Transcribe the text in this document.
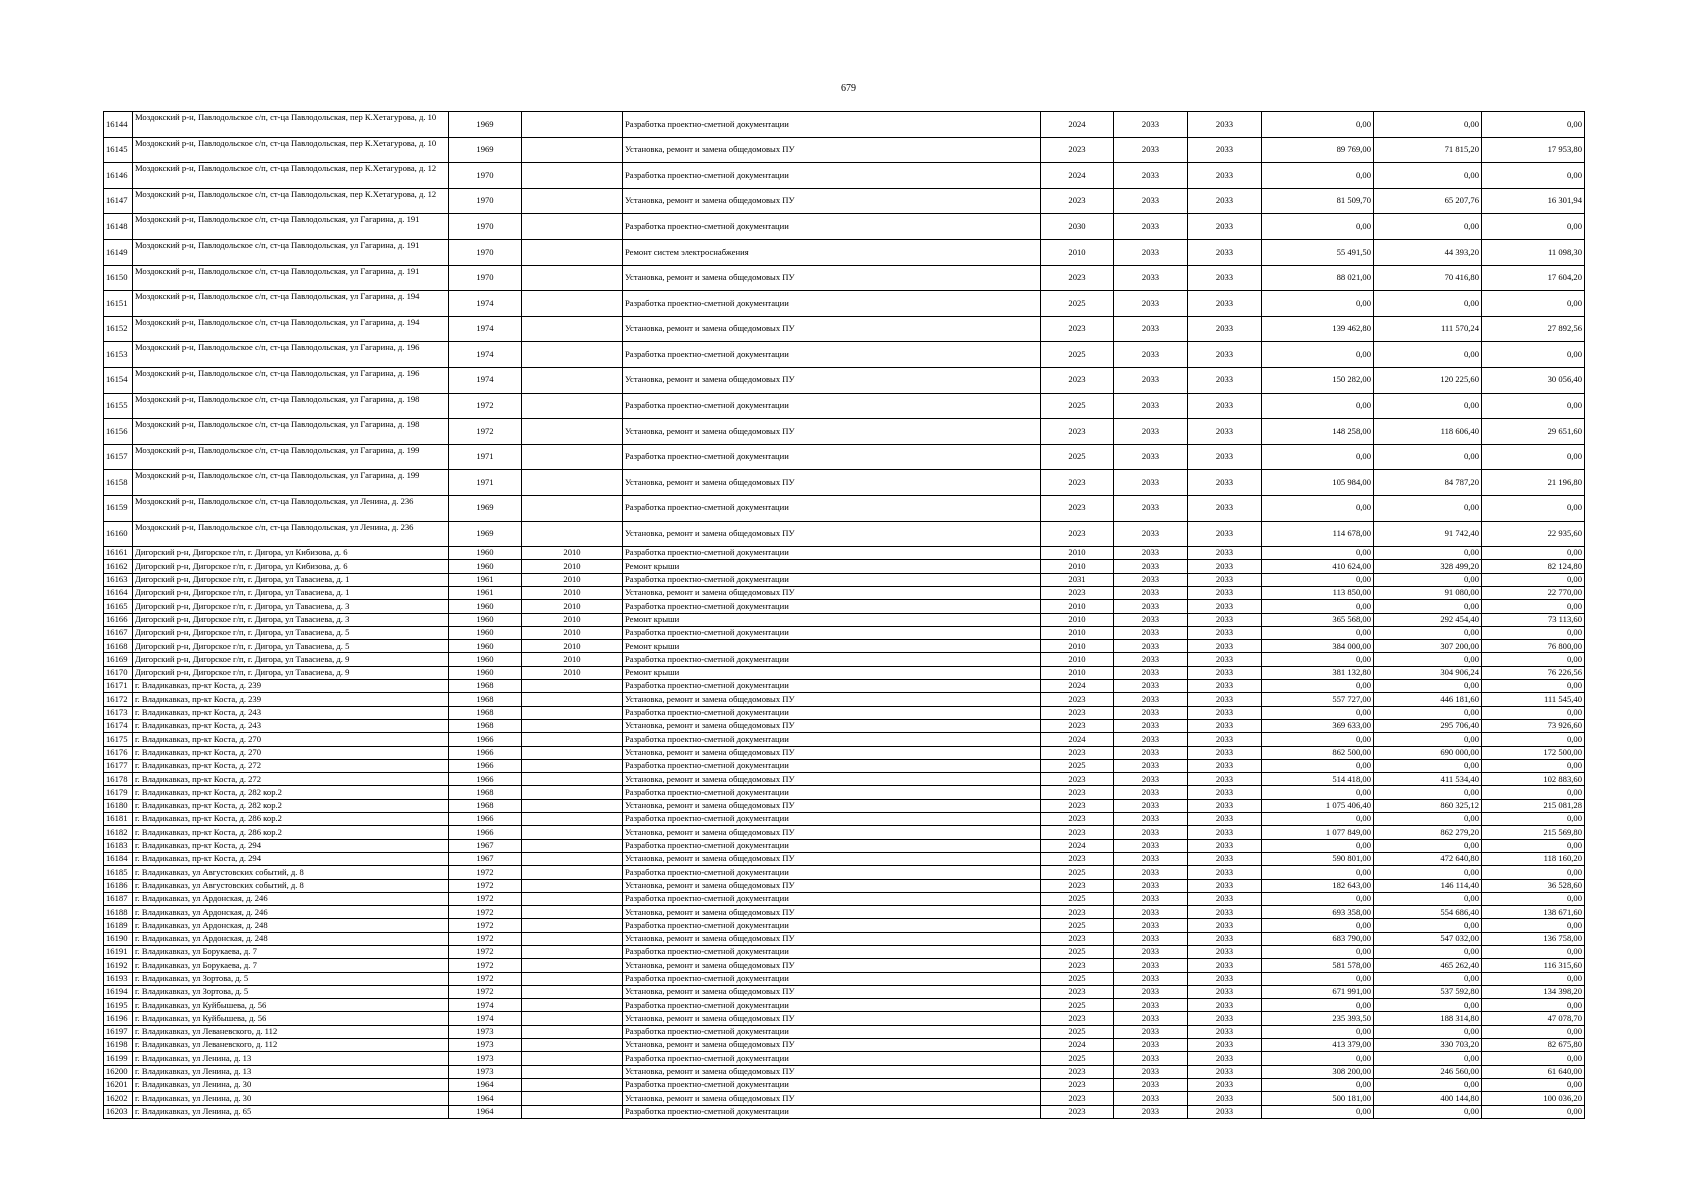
679
16144	Моздокский р-н, Павлодольское с/п, ст-ца Павлодольская, пер К.Хетагурова, д. 10	1969		Разработка проектно-сметной документации	2024	2033	2033	0,00	0,00	0,00
16145	Моздокский р-н, Павлодольское с/п, ст-ца Павлодольская, пер К.Хетагурова, д. 10	1969		Установка, ремонт и замена общедомовых ПУ	2023	2033	2033	89 769,00	71 815,20	17 953,80
16146	Моздокский р-н, Павлодольское с/п, ст-ца Павлодольская, пер К.Хетагурова, д. 12	1970		Разработка проектно-сметной документации	2024	2033	2033	0,00	0,00	0,00
16147	Моздокский р-н, Павлодольское с/п, ст-ца Павлодольская, пер К.Хетагурова, д. 12	1970		Установка, ремонт и замена общедомовых ПУ	2023	2033	2033	81 509,70	65 207,76	16 301,94
16148	Моздокский р-н, Павлодольское с/п, ст-ца Павлодольская, ул Гагарина, д. 191	1970		Разработка проектно-сметной документации	2030	2033	2033	0,00	0,00	0,00
16149	Моздокский р-н, Павлодольское с/п, ст-ца Павлодольская, ул Гагарина, д. 191	1970		Ремонт систем электроснабжения	2010	2033	2033	55 491,50	44 393,20	11 098,30
16150	Моздокский р-н, Павлодольское с/п, ст-ца Павлодольская, ул Гагарина, д. 191	1970		Установка, ремонт и замена общедомовых ПУ	2023	2033	2033	88 021,00	70 416,80	17 604,20
16151	Моздокский р-н, Павлодольское с/п, ст-ца Павлодольская, ул Гагарина, д. 194	1974		Разработка проектно-сметной документации	2025	2033	2033	0,00	0,00	0,00
16152	Моздокский р-н, Павлодольское с/п, ст-ца Павлодольская, ул Гагарина, д. 194	1974		Установка, ремонт и замена общедомовых ПУ	2023	2033	2033	139 462,80	111 570,24	27 892,56
16153	Моздокский р-н, Павлодольское с/п, ст-ца Павлодольская, ул Гагарина, д. 196	1974		Разработка проектно-сметной документации	2025	2033	2033	0,00	0,00	0,00
16154	Моздокский р-н, Павлодольское с/п, ст-ца Павлодольская, ул Гагарина, д. 196	1974		Установка, ремонт и замена общедомовых ПУ	2023	2033	2033	150 282,00	120 225,60	30 056,40
16155	Моздокский р-н, Павлодольское с/п, ст-ца Павлодольская, ул Гагарина, д. 198	1972		Разработка проектно-сметной документации	2025	2033	2033	0,00	0,00	0,00
16156	Моздокский р-н, Павлодольское с/п, ст-ца Павлодольская, ул Гагарина, д. 198	1972		Установка, ремонт и замена общедомовых ПУ	2023	2033	2033	148 258,00	118 606,40	29 651,60
16157	Моздокский р-н, Павлодольское с/п, ст-ца Павлодольская, ул Гагарина, д. 199	1971		Разработка проектно-сметной документации	2025	2033	2033	0,00	0,00	0,00
16158	Моздокский р-н, Павлодольское с/п, ст-ца Павлодольская, ул Гагарина, д. 199	1971		Установка, ремонт и замена общедомовых ПУ	2023	2033	2033	105 984,00	84 787,20	21 196,80
16159	Моздокский р-н, Павлодольское с/п, ст-ца Павлодольская, ул Ленина, д. 236	1969		Разработка проектно-сметной документации	2023	2033	2033	0,00	0,00	0,00
16160	Моздокский р-н, Павлодольское с/п, ст-ца Павлодольская, ул Ленина, д. 236	1969		Установка, ремонт и замена общедомовых ПУ	2023	2033	2033	114 678,00	91 742,40	22 935,60
16161	Дигорский р-н, Дигорское г/п, г. Дигора, ул Кибизова, д. 6	1960	2010	Разработка проектно-сметной документации	2010	2033	2033	0,00	0,00	0,00
16162	Дигорский р-н, Дигорское г/п, г. Дигора, ул Кибизова, д. 6	1960	2010	Ремонт крыши	2010	2033	2033	410 624,00	328 499,20	82 124,80
16163	Дигорский р-н, Дигорское г/п, г. Дигора, ул Тавасиева, д. 1	1961	2010	Разработка проектно-сметной документации	2031	2033	2033	0,00	0,00	0,00
16164	Дигорский р-н, Дигорское г/п, г. Дигора, ул Тавасиева, д. 1	1961	2010	Установка, ремонт и замена общедомовых ПУ	2023	2033	2033	113 850,00	91 080,00	22 770,00
16165	Дигорский р-н, Дигорское г/п, г. Дигора, ул Тавасиева, д. 3	1960	2010	Разработка проектно-сметной документации	2010	2033	2033	0,00	0,00	0,00
16166	Дигорский р-н, Дигорское г/п, г. Дигора, ул Тавасиева, д. 3	1960	2010	Ремонт крыши	2010	2033	2033	365 568,00	292 454,40	73 113,60
16167	Дигорский р-н, Дигорское г/п, г. Дигора, ул Тавасиева, д. 5	1960	2010	Разработка проектно-сметной документации	2010	2033	2033	0,00	0,00	0,00
16168	Дигорский р-н, Дигорское г/п, г. Дигора, ул Тавасиева, д. 5	1960	2010	Ремонт крыши	2010	2033	2033	384 000,00	307 200,00	76 800,00
16169	Дигорский р-н, Дигорское г/п, г. Дигора, ул Тавасиева, д. 9	1960	2010	Разработка проектно-сметной документации	2010	2033	2033	0,00	0,00	0,00
16170	Дигорский р-н, Дигорское г/п, г. Дигора, ул Тавасиева, д. 9	1960	2010	Ремонт крыши	2010	2033	2033	381 132,80	304 906,24	76 226,56
16171	г. Владикавказ, пр-кт Коста, д. 239	1968		Разработка проектно-сметной документации	2024	2033	2033	0,00	0,00	0,00
16172	г. Владикавказ, пр-кт Коста, д. 239	1968		Установка, ремонт и замена общедомовых ПУ	2023	2033	2033	557 727,00	446 181,60	111 545,40
16173	г. Владикавказ, пр-кт Коста, д. 243	1968		Разработка проектно-сметной документации	2023	2033	2033	0,00	0,00	0,00
16174	г. Владикавказ, пр-кт Коста, д. 243	1968		Установка, ремонт и замена общедомовых ПУ	2023	2033	2033	369 633,00	295 706,40	73 926,60
16175	г. Владикавказ, пр-кт Коста, д. 270	1966		Разработка проектно-сметной документации	2024	2033	2033	0,00	0,00	0,00
16176	г. Владикавказ, пр-кт Коста, д. 270	1966		Установка, ремонт и замена общедомовых ПУ	2023	2033	2033	862 500,00	690 000,00	172 500,00
16177	г. Владикавказ, пр-кт Коста, д. 272	1966		Разработка проектно-сметной документации	2025	2033	2033	0,00	0,00	0,00
16178	г. Владикавказ, пр-кт Коста, д. 272	1966		Установка, ремонт и замена общедомовых ПУ	2023	2033	2033	514 418,00	411 534,40	102 883,60
16179	г. Владикавказ, пр-кт Коста, д. 282 кор.2	1968		Разработка проектно-сметной документации	2023	2033	2033	0,00	0,00	0,00
16180	г. Владикавказ, пр-кт Коста, д. 282 кор.2	1968		Установка, ремонт и замена общедомовых ПУ	2023	2033	2033	1 075 406,40	860 325,12	215 081,28
16181	г. Владикавказ, пр-кт Коста, д. 286 кор.2	1966		Разработка проектно-сметной документации	2023	2033	2033	0,00	0,00	0,00
16182	г. Владикавказ, пр-кт Коста, д. 286 кор.2	1966		Установка, ремонт и замена общедомовых ПУ	2023	2033	2033	1 077 849,00	862 279,20	215 569,80
16183	г. Владикавказ, пр-кт Коста, д. 294	1967		Разработка проектно-сметной документации	2024	2033	2033	0,00	0,00	0,00
16184	г. Владикавказ, пр-кт Коста, д. 294	1967		Установка, ремонт и замена общедомовых ПУ	2023	2033	2033	590 801,00	472 640,80	118 160,20
16185	г. Владикавказ, ул Августовских событий, д. 8	1972		Разработка проектно-сметной документации	2025	2033	2033	0,00	0,00	0,00
16186	г. Владикавказ, ул Августовских событий, д. 8	1972		Установка, ремонт и замена общедомовых ПУ	2023	2033	2033	182 643,00	146 114,40	36 528,60
16187	г. Владикавказ, ул Ардонская, д. 246	1972		Разработка проектно-сметной документации	2025	2033	2033	0,00	0,00	0,00
16188	г. Владикавказ, ул Ардонская, д. 246	1972		Установка, ремонт и замена общедомовых ПУ	2023	2033	2033	693 358,00	554 686,40	138 671,60
16189	г. Владикавказ, ул Ардонская, д. 248	1972		Разработка проектно-сметной документации	2025	2033	2033	0,00	0,00	0,00
16190	г. Владикавказ, ул Ардонская, д. 248	1972		Установка, ремонт и замена общедомовых ПУ	2023	2033	2033	683 790,00	547 032,00	136 758,00
16191	г. Владикавказ, ул Борукаева, д. 7	1972		Разработка проектно-сметной документации	2025	2033	2033	0,00	0,00	0,00
16192	г. Владикавказ, ул Борукаева, д. 7	1972		Установка, ремонт и замена общедомовых ПУ	2023	2033	2033	581 578,00	465 262,40	116 315,60
16193	г. Владикавказ, ул Зортова, д. 5	1972		Разработка проектно-сметной документации	2025	2033	2033	0,00	0,00	0,00
16194	г. Владикавказ, ул Зортова, д. 5	1972		Установка, ремонт и замена общедомовых ПУ	2023	2033	2033	671 991,00	537 592,80	134 398,20
16195	г. Владикавказ, ул Куйбышева, д. 56	1974		Разработка проектно-сметной документации	2025	2033	2033	0,00	0,00	0,00
16196	г. Владикавказ, ул Куйбышева, д. 56	1974		Установка, ремонт и замена общедомовых ПУ	2023	2033	2033	235 393,50	188 314,80	47 078,70
16197	г. Владикавказ, ул Леваневского, д. 112	1973		Разработка проектно-сметной документации	2025	2033	2033	0,00	0,00	0,00
16198	г. Владикавказ, ул Леваневского, д. 112	1973		Установка, ремонт и замена общедомовых ПУ	2024	2033	2033	413 379,00	330 703,20	82 675,80
16199	г. Владикавказ, ул Ленина, д. 13	1973		Разработка проектно-сметной документации	2025	2033	2033	0,00	0,00	0,00
16200	г. Владикавказ, ул Ленина, д. 13	1973		Установка, ремонт и замена общедомовых ПУ	2023	2033	2033	308 200,00	246 560,00	61 640,00
16201	г. Владикавказ, ул Ленина, д. 30	1964		Разработка проектно-сметной документации	2023	2033	2033	0,00	0,00	0,00
16202	г. Владикавказ, ул Ленина, д. 30	1964		Установка, ремонт и замена общедомовых ПУ	2023	2033	2033	500 181,00	400 144,80	100 036,20
16203	г. Владикавказ, ул Ленина, д. 65	1964		Разработка проектно-сметной документации	2023	2033	2033	0,00	0,00	0,00
